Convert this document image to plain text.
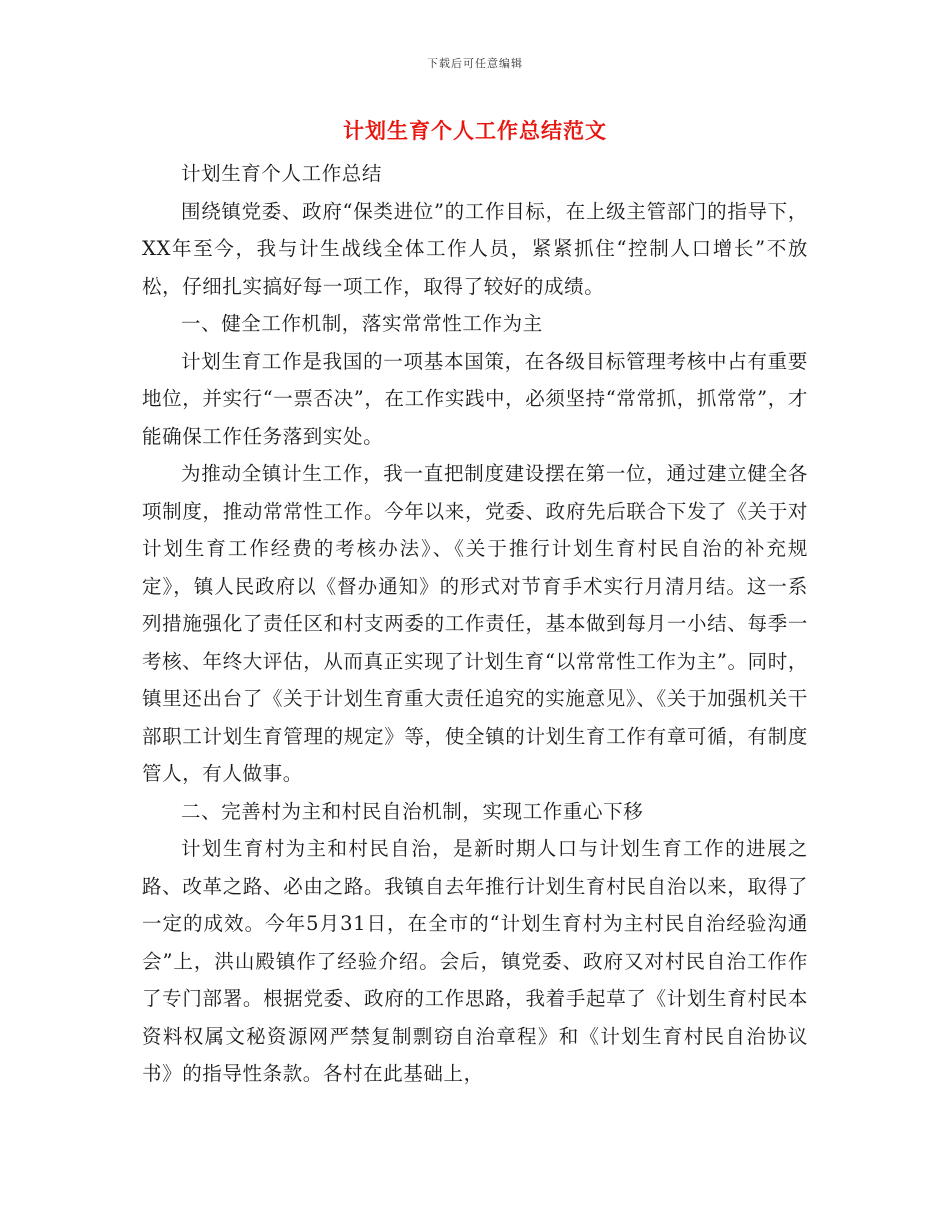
下载后可任意编辑
计划生育个人工作总结范文

计划生育个人工作总结

围绕镇党委、政府“保类进位”的工作目标，在上级主管部门的指导下，XX年至今，我与计生战线全体工作人员，紧紧抓住“控制人口增长”不放松，仔细扎实搞好每一项工作，取得了较好的成绩。

一、健全工作机制，落实常常性工作为主

计划生育工作是我国的一项基本国策，在各级目标管理考核中占有重要地位，并实行“一票否决”，在工作实践中，必须坚持“常常抓，抓常常”，才能确保工作任务落到实处。

为推动全镇计生工作，我一直把制度建设摆在第一位，通过建立健全各项制度，推动常常性工作。今年以来，党委、政府先后联合下发了《关于对计划生育工作经费的考核办法》、《关于推行计划生育村民自治的补充规定》，镇人民政府以《督办通知》的形式对节育手术实行月清月结。这一系列措施强化了责任区和村支两委的工作责任，基本做到每月一小结、每季一考核、年终大评估，从而真正实现了计划生育“以常常性工作为主”。同时，镇里还出台了《关于计划生育重大责任追究的实施意见》、《关于加强机关干部职工计划生育管理的规定》等，使全镇的计划生育工作有章可循，有制度管人，有人做事。

二、完善村为主和村民自治机制，实现工作重心下移

计划生育村为主和村民自治，是新时期人口与计划生育工作的进展之路、改革之路、必由之路。我镇自去年推行计划生育村民自治以来，取得了一定的成效。今年5月31日，在全市的“计划生育村为主村民自治经验沟通会”上，洪山殿镇作了经验介绍。会后，镇党委、政府又对村民自治工作作了专门部署。根据党委、政府的工作思路，我着手起草了《计划生育村民本资料权属文秘资源网严禁复制剽窃自治章程》和《计划生育村民自治协议书》的指导性条款。各村在此基础上，
